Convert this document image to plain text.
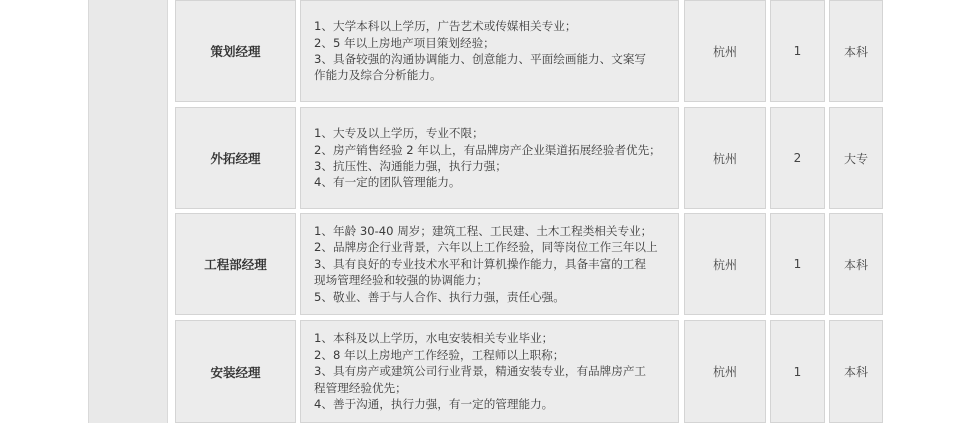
策划经理
1、大学本科以上学历，广告艺术或传媒相关专业；
2、5 年以上房地产项目策划经验；
3、具备较强的沟通协调能力、创意能力、平面绘画能力、文案写
作能力及综合分析能力。
杭州	1	本科
外拓经理
1、大专及以上学历，专业不限；
2、房产销售经验 2 年以上，有品牌房产企业渠道拓展经验者优先；
3、抗压性、沟通能力强，执行力强；
4、有一定的团队管理能力。
杭州	2	大专
工程部经理
1、年龄 30-40 周岁；建筑工程、工民建、土木工程类相关专业；
2、品牌房企行业背景，六年以上工作经验，同等岗位工作三年以上
3、具有良好的专业技术水平和计算机操作能力，具备丰富的工程
现场管理经验和较强的协调能力；
5、敬业、善于与人合作、执行力强，责任心强。
杭州	1	本科
安装经理
1、本科及以上学历，水电安装相关专业毕业；
2、8 年以上房地产工作经验，工程师以上职称；
3、具有房产或建筑公司行业背景，精通安装专业，有品牌房产工
程管理经验优先；
4、善于沟通，执行力强，有一定的管理能力。
杭州	1	本科
